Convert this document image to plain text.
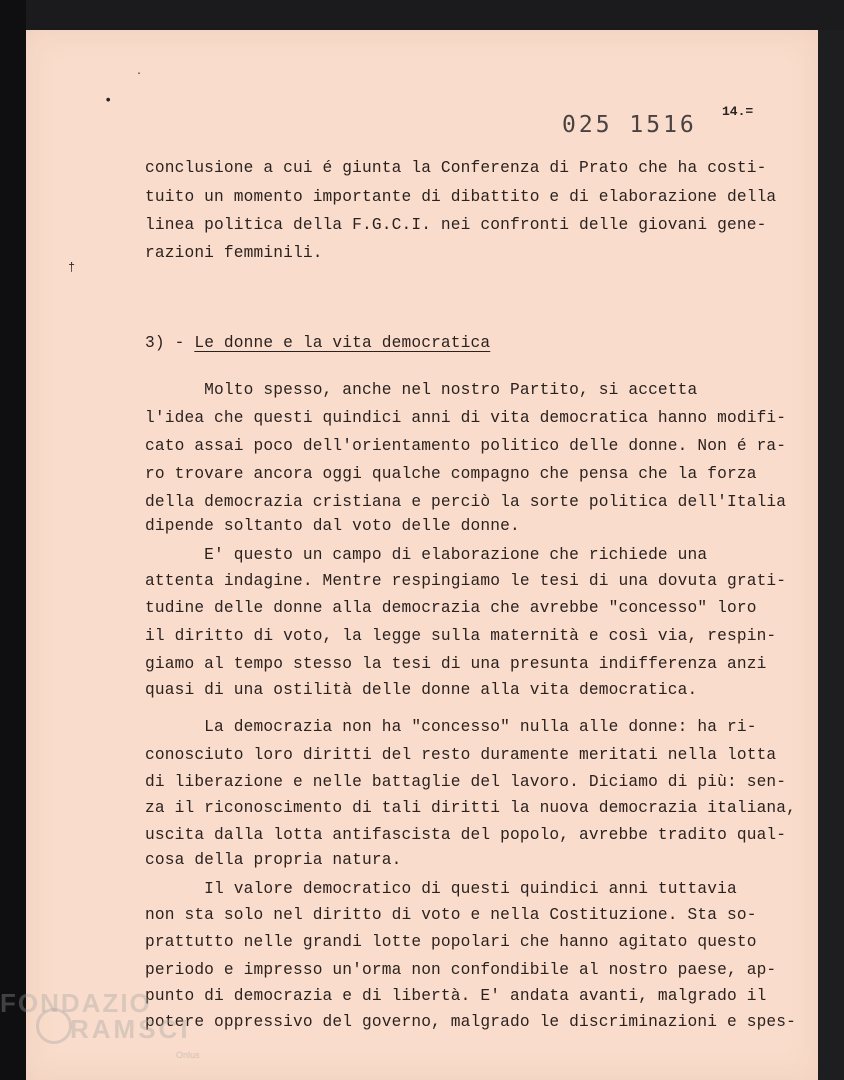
•
·
†
025 1516
14.=
conclusione a cui é giunta la Conferenza di Prato che ha costi-
tuito un momento importante di dibattito e di elaborazione della
linea politica della F.G.C.I. nei confronti delle giovani gene-
razioni femminili.
3) - Le donne e la vita democratica
Molto spesso, anche nel nostro Partito, si accetta
l'idea che questi quindici anni di vita democratica hanno modifi-
cato assai poco dell'orientamento politico delle donne. Non é ra-
ro trovare ancora oggi qualche compagno che pensa che la forza
della democrazia cristiana e perciò la sorte politica dell'Italia
dipende soltanto dal voto delle donne.
E' questo un campo di elaborazione che richiede una
attenta indagine. Mentre respingiamo le tesi di una dovuta grati-
tudine delle donne alla democrazia che avrebbe "concesso" loro
il diritto di voto, la legge sulla maternità e così via, respin-
giamo al tempo stesso la tesi di una presunta indifferenza anzi
quasi di una ostilità delle donne alla vita democratica.
La democrazia non ha "concesso" nulla alle donne: ha ri-
conosciuto loro diritti del resto duramente meritati nella lotta
di liberazione e nelle battaglie del lavoro. Diciamo di più: sen-
za il riconoscimento di tali diritti la nuova democrazia italiana,
uscita dalla lotta antifascista del popolo, avrebbe tradito qual-
cosa della propria natura.
Il valore democratico di questi quindici anni tuttavia
non sta solo nel diritto di voto e nella Costituzione. Sta so-
prattutto nelle grandi lotte popolari che hanno agitato questo
periodo e impresso un'orma non confondibile al nostro paese, ap-
punto di democrazia e di libertà. E' andata avanti, malgrado il
potere oppressivo del governo, malgrado le discriminazioni e spes-
FONDAZIO
RAMSCI
Onlus
